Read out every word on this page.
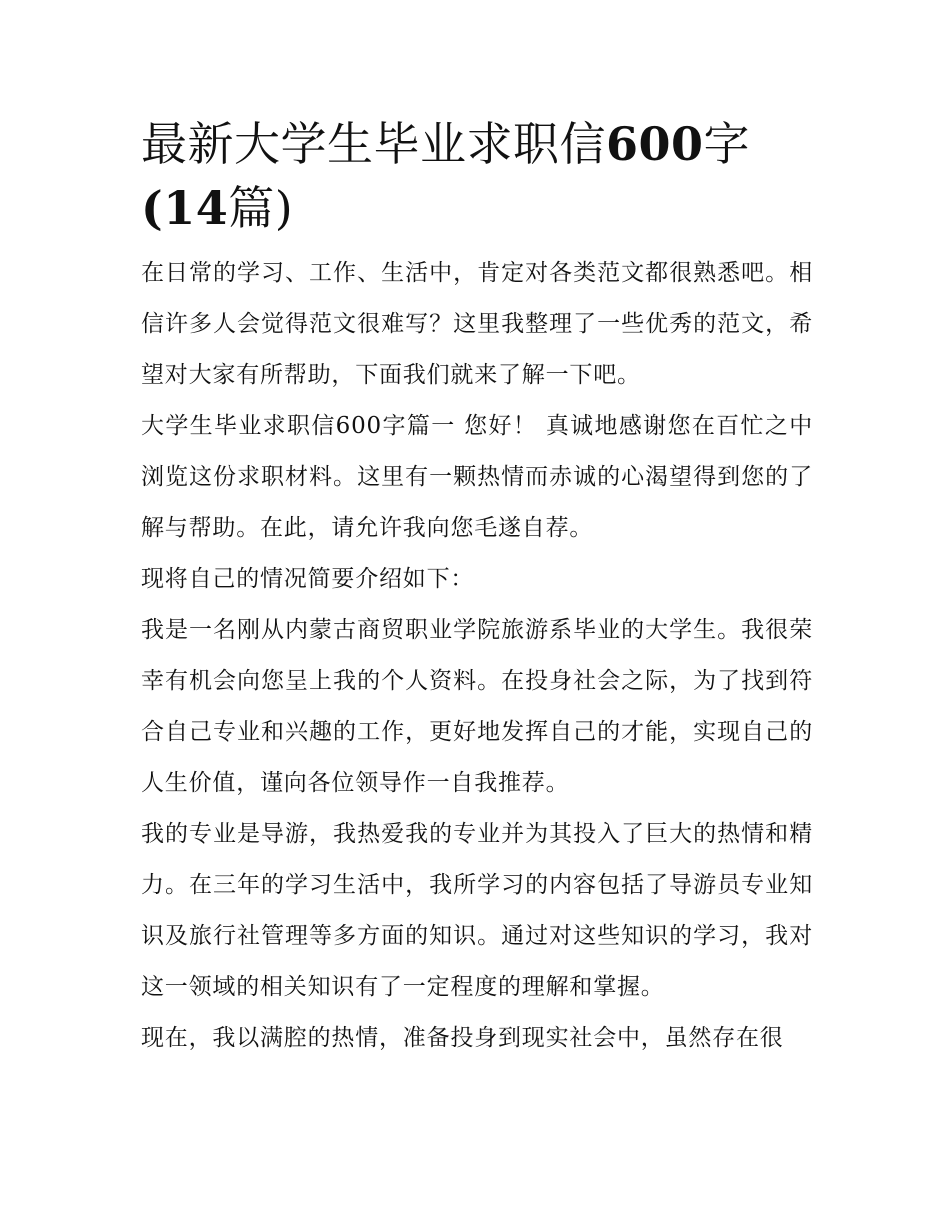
最新大学生毕业求职信600字
(14篇)

在日常的学习、工作、生活中，肯定对各类范文都很熟悉吧。相信许多人会觉得范文很难写？这里我整理了一些优秀的范文，希望对大家有所帮助，下面我们就来了解一下吧。

大学生毕业求职信600字篇一 您好！ 真诚地感谢您在百忙之中浏览这份求职材料。这里有一颗热情而赤诚的心渴望得到您的了解与帮助。在此，请允许我向您毛遂自荐。

现将自己的情况简要介绍如下：

我是一名刚从内蒙古商贸职业学院旅游系毕业的大学生。我很荣幸有机会向您呈上我的个人资料。在投身社会之际，为了找到符合自己专业和兴趣的工作，更好地发挥自己的才能，实现自己的人生价值，谨向各位领导作一自我推荐。

我的专业是导游，我热爱我的专业并为其投入了巨大的热情和精力。在三年的学习生活中，我所学习的内容包括了导游员专业知识及旅行社管理等多方面的知识。通过对这些知识的学习，我对这一领域的相关知识有了一定程度的理解和掌握。

现在，我以满腔的热情，准备投身到现实社会中，虽然存在很
